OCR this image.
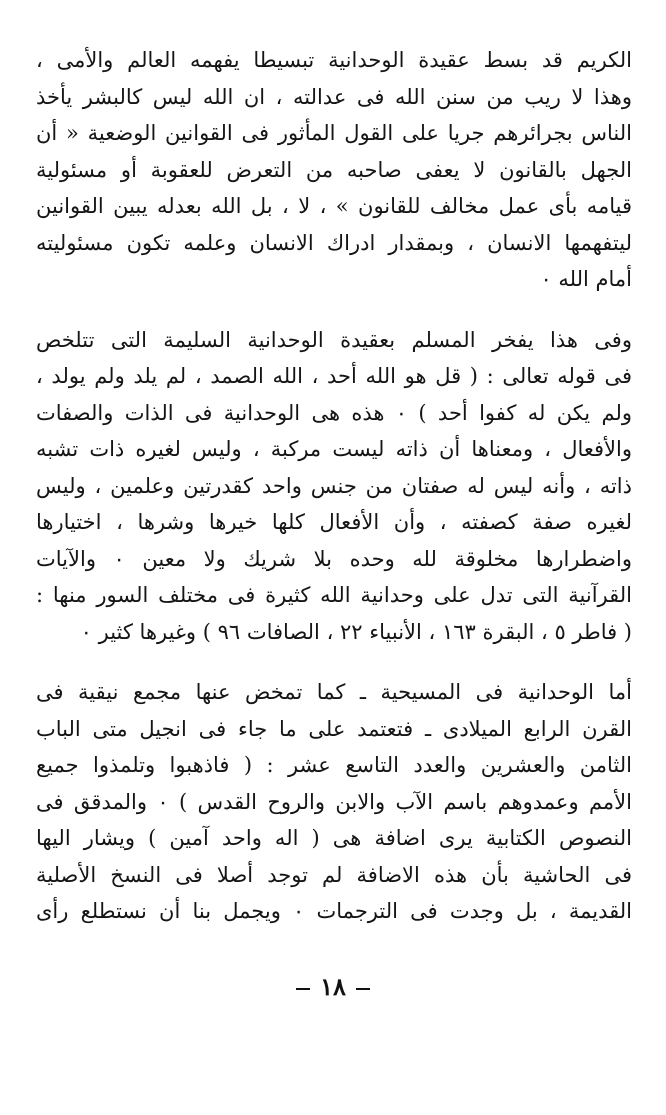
الكريم قد بسط عقيدة الوحدانية تبسيطا يفهمه العالم والأمى ،
وهذا لا ريب من سنن الله فى عدالته ، ان الله ليس كالبشر يأخذ
الناس بجرائرهم جريا على القول المأثور فى القوانين الوضعية « أن
الجهل بالقانون لا يعفى صاحبه من التعرض للعقوبة أو مسئولية
قيامه بأى عمل مخالف للقانون » ، لا ، بل الله بعدله يبين القوانين
ليتفهمها الانسان ، وبمقدار ادراك الانسان وعلمه تكون مسئوليته
أمام الله ٠
وفى هذا يفخر المسلم بعقيدة الوحدانية السليمة التى تتلخص
فى قوله تعالى : ( قل هو الله أحد ، الله الصمد ، لم يلد ولم يولد ،
ولم يكن له كفوا أحد ) ٠ هذه هى الوحدانية فى الذات والصفات
والأفعال ، ومعناها أن ذاته ليست مركبة ، وليس لغيره ذات تشبه
ذاته ، وأنه ليس له صفتان من جنس واحد كقدرتين وعلمين ، وليس
لغيره صفة كصفته ، وأن الأفعال كلها خيرها وشرها ، اختيارها
واضطرارها مخلوقة لله وحده بلا شريك ولا معين ٠ والآيات
القرآنية التى تدل على وحدانية الله كثيرة فى مختلف السور منها :
( فاطر ٥ ، البقرة ١٦٣ ، الأنبياء ٢٢ ، الصافات ٩٦ ) وغيرها كثير ٠
أما الوحدانية فى المسيحية ـ كما تمخض عنها مجمع نيقية فى
القرن الرابع الميلادى ـ فتعتمد على ما جاء فى انجيل متى الباب
الثامن والعشرين والعدد التاسع عشر : ( فاذهبوا وتلمذوا جميع
الأمم وعمدوهم باسم الآب والابن والروح القدس ) ٠ والمدقق فى
النصوص الكتابية يرى اضافة هى ( اله واحد آمين ) ويشار اليها
فى الحاشية بأن هذه الاضافة لم توجد أصلا فى النسخ الأصلية
القديمة ، بل وجدت فى الترجمات ٠ ويجمل بنا أن نستطلع رأى
١٨
